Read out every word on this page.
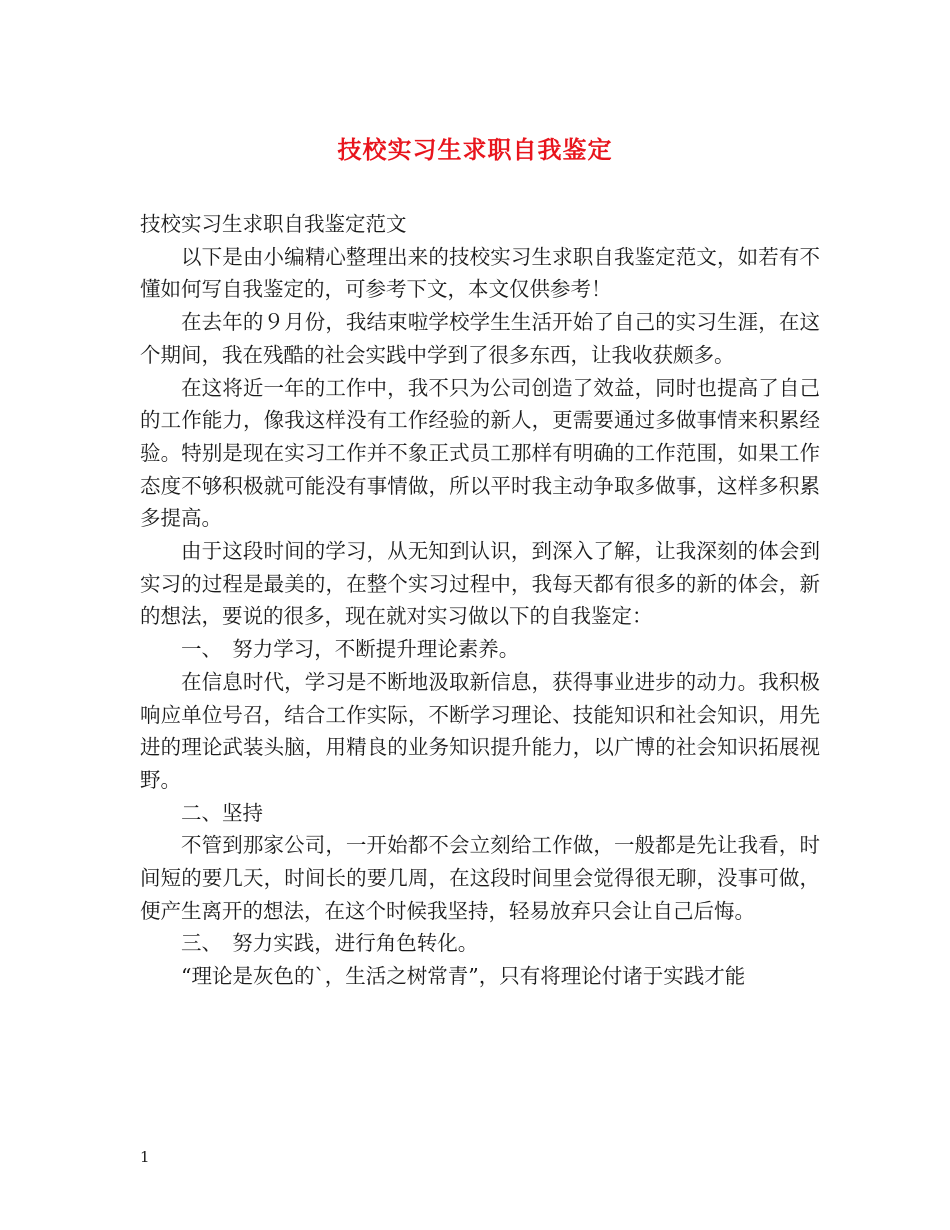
技校实习生求职自我鉴定

技校实习生求职自我鉴定范文

以下是由小编精心整理出来的技校实习生求职自我鉴定范文，如若有不懂如何写自我鉴定的，可参考下文，本文仅供参考！

在去年的９月份，我结束啦学校学生生活开始了自己的实习生涯，在这个期间，我在残酷的社会实践中学到了很多东西，让我收获颇多。

在这将近一年的工作中，我不只为公司创造了效益，同时也提高了自己的工作能力，像我这样没有工作经验的新人，更需要通过多做事情来积累经验。特别是现在实习工作并不象正式员工那样有明确的工作范围，如果工作态度不够积极就可能没有事情做，所以平时我主动争取多做事，这样多积累多提高。

由于这段时间的学习，从无知到认识，到深入了解，让我深刻的体会到实习的过程是最美的，在整个实习过程中，我每天都有很多的新的体会，新的想法，要说的很多，现在就对实习做以下的自我鉴定：

一、　努力学习，不断提升理论素养。

在信息时代，学习是不断地汲取新信息，获得事业进步的动力。我积极响应单位号召，结合工作实际，不断学习理论、技能知识和社会知识，用先进的理论武装头脑，用精良的业务知识提升能力，以广博的社会知识拓展视野。

二、坚持

不管到那家公司，一开始都不会立刻给工作做，一般都是先让我看，时间短的要几天，时间长的要几周，在这段时间里会觉得很无聊，没事可做，便产生离开的想法，在这个时候我坚持，轻易放弃只会让自己后悔。

三、　努力实践，进行角色转化。

“理论是灰色的`，生活之树常青”，只有将理论付诸于实践才能

1
